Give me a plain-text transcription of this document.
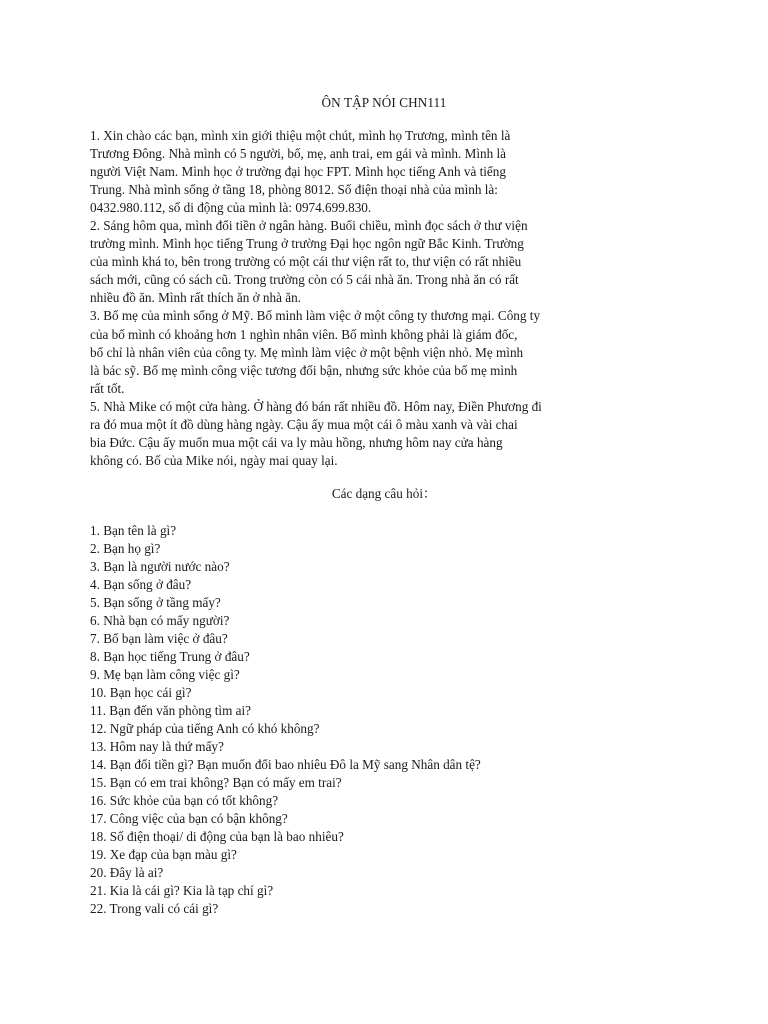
ÔN TẬP NÓI CHN111
1. Xin chào các bạn, mình xin giới thiệu một chút, mình họ Trương, mình tên là
Trương Đông. Nhà mình có 5 người, bố, mẹ, anh trai, em gái và mình. Mình là
người Việt Nam. Mình học ở trường đại học FPT. Mình học tiếng Anh và tiếng
Trung. Nhà mình sống ở tầng 18, phòng 8012. Số điện thoại nhà của mình là:
0432.980.112, số di động của mình là: 0974.699.830.
2. Sáng hôm qua, mình đổi tiền ở ngân hàng. Buổi chiều, mình đọc sách ở thư viện
trường mình. Mình học tiếng Trung ở trường Đại học ngôn ngữ Bắc Kinh. Trường
của mình khá to, bên trong trường có một cái thư viện rất to, thư viện có rất nhiều
sách mới, cũng có sách cũ. Trong trường còn có 5 cái nhà ăn. Trong nhà ăn có rất
nhiều đồ ăn. Mình rất thích ăn ở nhà ăn.
3. Bố mẹ của mình sống ở Mỹ. Bố mình làm việc ở một công ty thương mại. Công ty
của bố mình có khoảng hơn 1 nghìn nhân viên. Bố mình không phải là giám đốc,
bố chỉ là nhân viên của công ty. Mẹ mình làm việc ở một bệnh viện nhỏ. Mẹ mình
là bác sỹ. Bố mẹ mình công việc tương đối bận, nhưng sức khỏe của bố mẹ mình
rất tốt.
5. Nhà Mike có một cửa hàng. Ở hàng đó bán rất nhiều đồ. Hôm nay, Điền Phương đi
ra đó mua một ít đồ dùng hàng ngày. Cậu ấy mua một cái ô màu xanh và vài chai
bia Đức. Cậu ấy muốn mua một cái va ly màu hồng, nhưng hôm nay cửa hàng
không có. Bố của Mike nói, ngày mai quay lại.
Các dạng câu hỏi：
1. Bạn tên là gì?
2. Bạn họ gì?
3. Bạn là người nước nào?
4. Bạn sống ở đâu?
5. Bạn sống ở tầng mấy?
6. Nhà bạn có mấy người?
7. Bố bạn làm việc ở đâu?
8. Bạn học tiếng Trung ở đâu?
9. Mẹ bạn làm công việc gì?
10. Bạn học cái gì?
11. Bạn đến văn phòng tìm ai?
12. Ngữ pháp của tiếng Anh có khó không?
13. Hôm nay là thứ mấy?
14. Bạn đổi tiền gì? Bạn muốn đổi bao nhiêu Đô la Mỹ sang Nhân dân tệ?
15. Bạn có em trai không? Bạn có mấy em trai?
16. Sức khỏe của bạn có tốt không?
17. Công việc của bạn có bận không?
18. Số điện thoại/ di động của bạn là bao nhiêu?
19. Xe đạp của bạn màu gì?
20. Đây là ai?
21. Kia là cái gì? Kia là tạp chí gì?
22. Trong vali có cái gì?
